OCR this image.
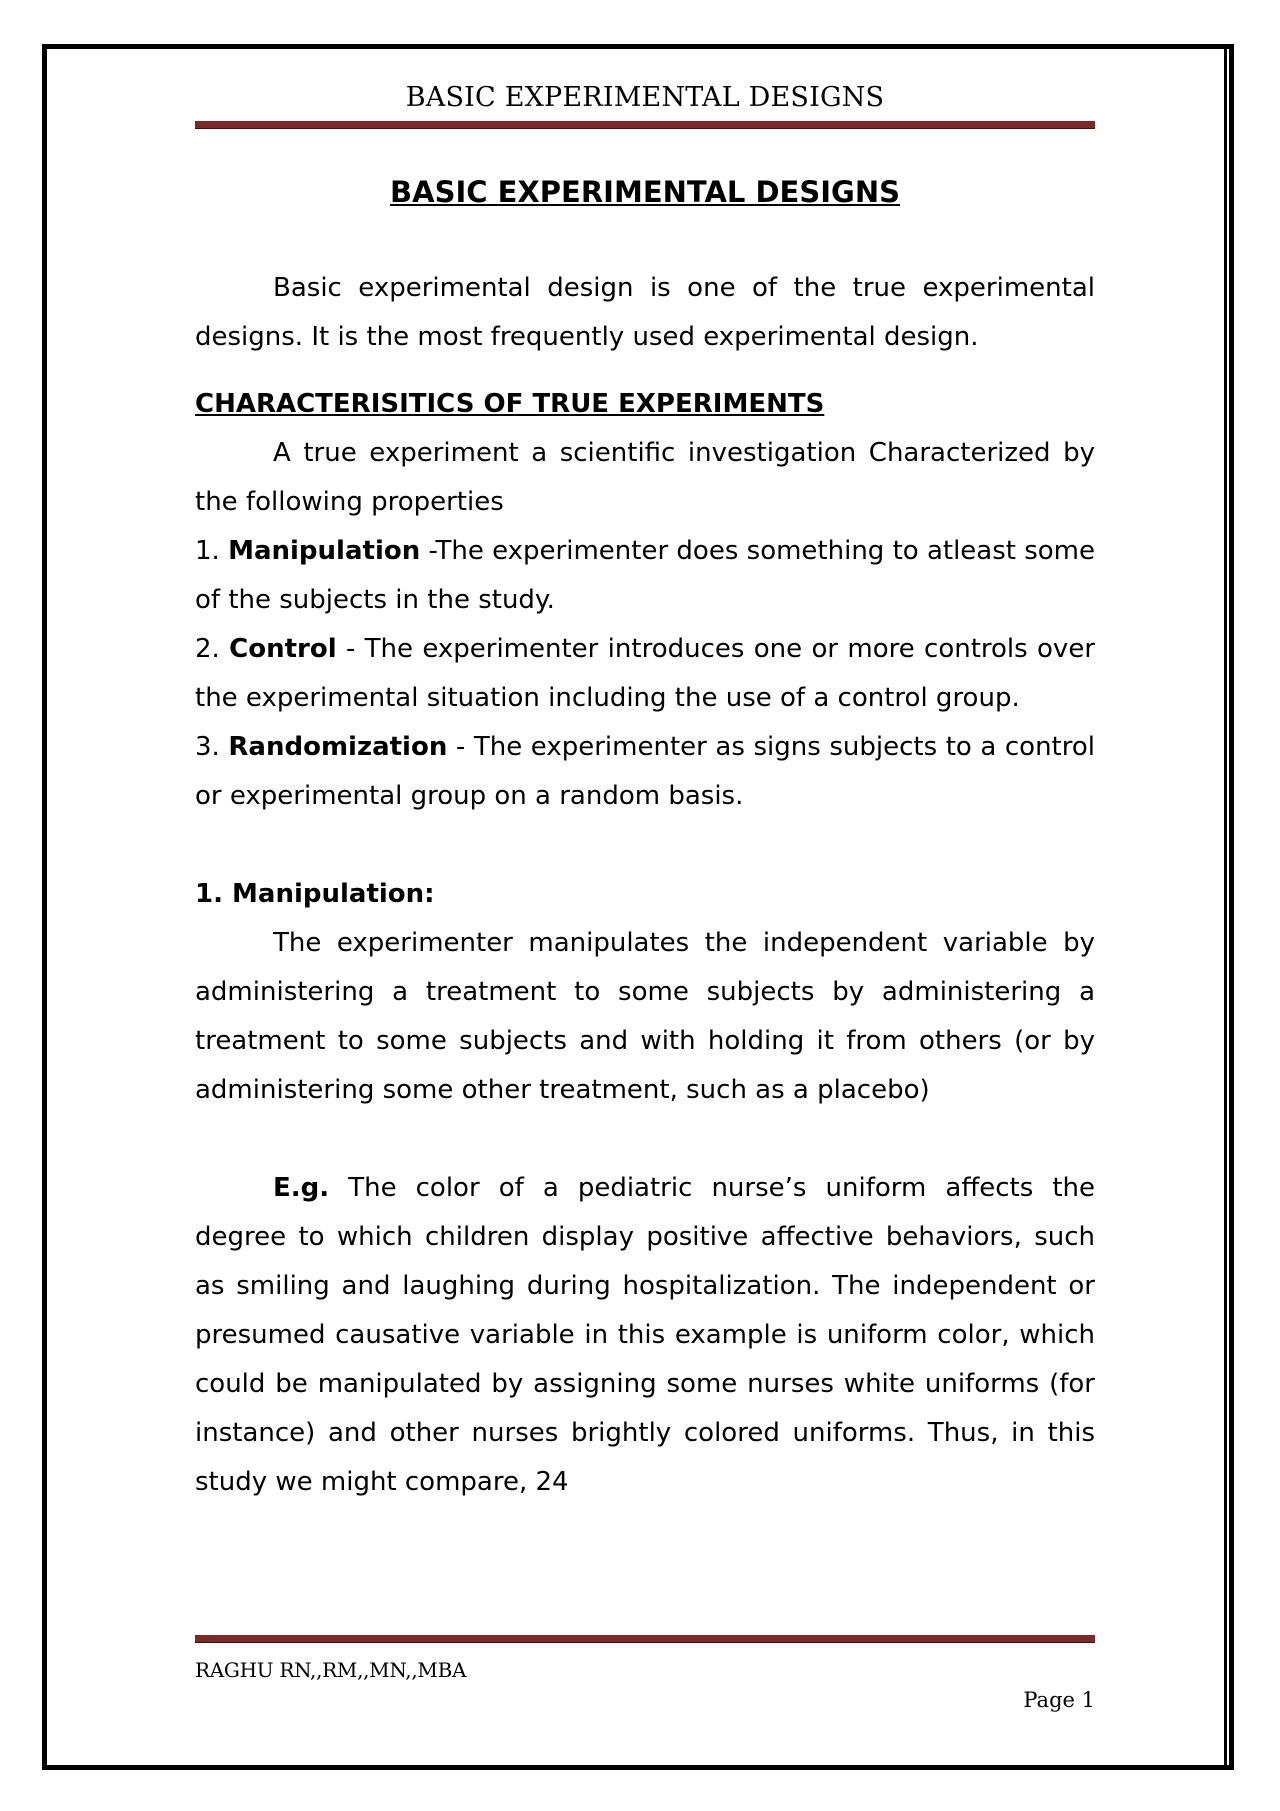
BASIC EXPERIMENTAL DESIGNS
BASIC EXPERIMENTAL DESIGNS

Basic experimental design is one of the true experimental designs. It is the most frequently used experimental design.

CHARACTERISITICS OF TRUE EXPERIMENTS

A true experiment a scientific investigation Characterized by the following properties

1. Manipulation -The experimenter does something to atleast some of the subjects in the study.

2. Control - The experimenter introduces one or more controls over the experimental situation including the use of a control group.

3. Randomization - The experimenter as signs subjects to a control or experimental group on a random basis.

1. Manipulation:

The experimenter manipulates the independent variable by administering a treatment to some subjects by administering a treatment to some subjects and with holding it from others (or by administering some other treatment, such as a placebo)

E.g. The color of a pediatric nurse’s uniform affects the degree to which children display positive affective behaviors, such as smiling and laughing during hospitalization. The independent or presumed causative variable in this example is uniform color, which could be manipulated by assigning some nurses white uniforms (for instance) and other nurses brightly colored uniforms. Thus, in this study we might compare, 24

RAGHU RN,,RM,,MN,,MBA
Page 1
